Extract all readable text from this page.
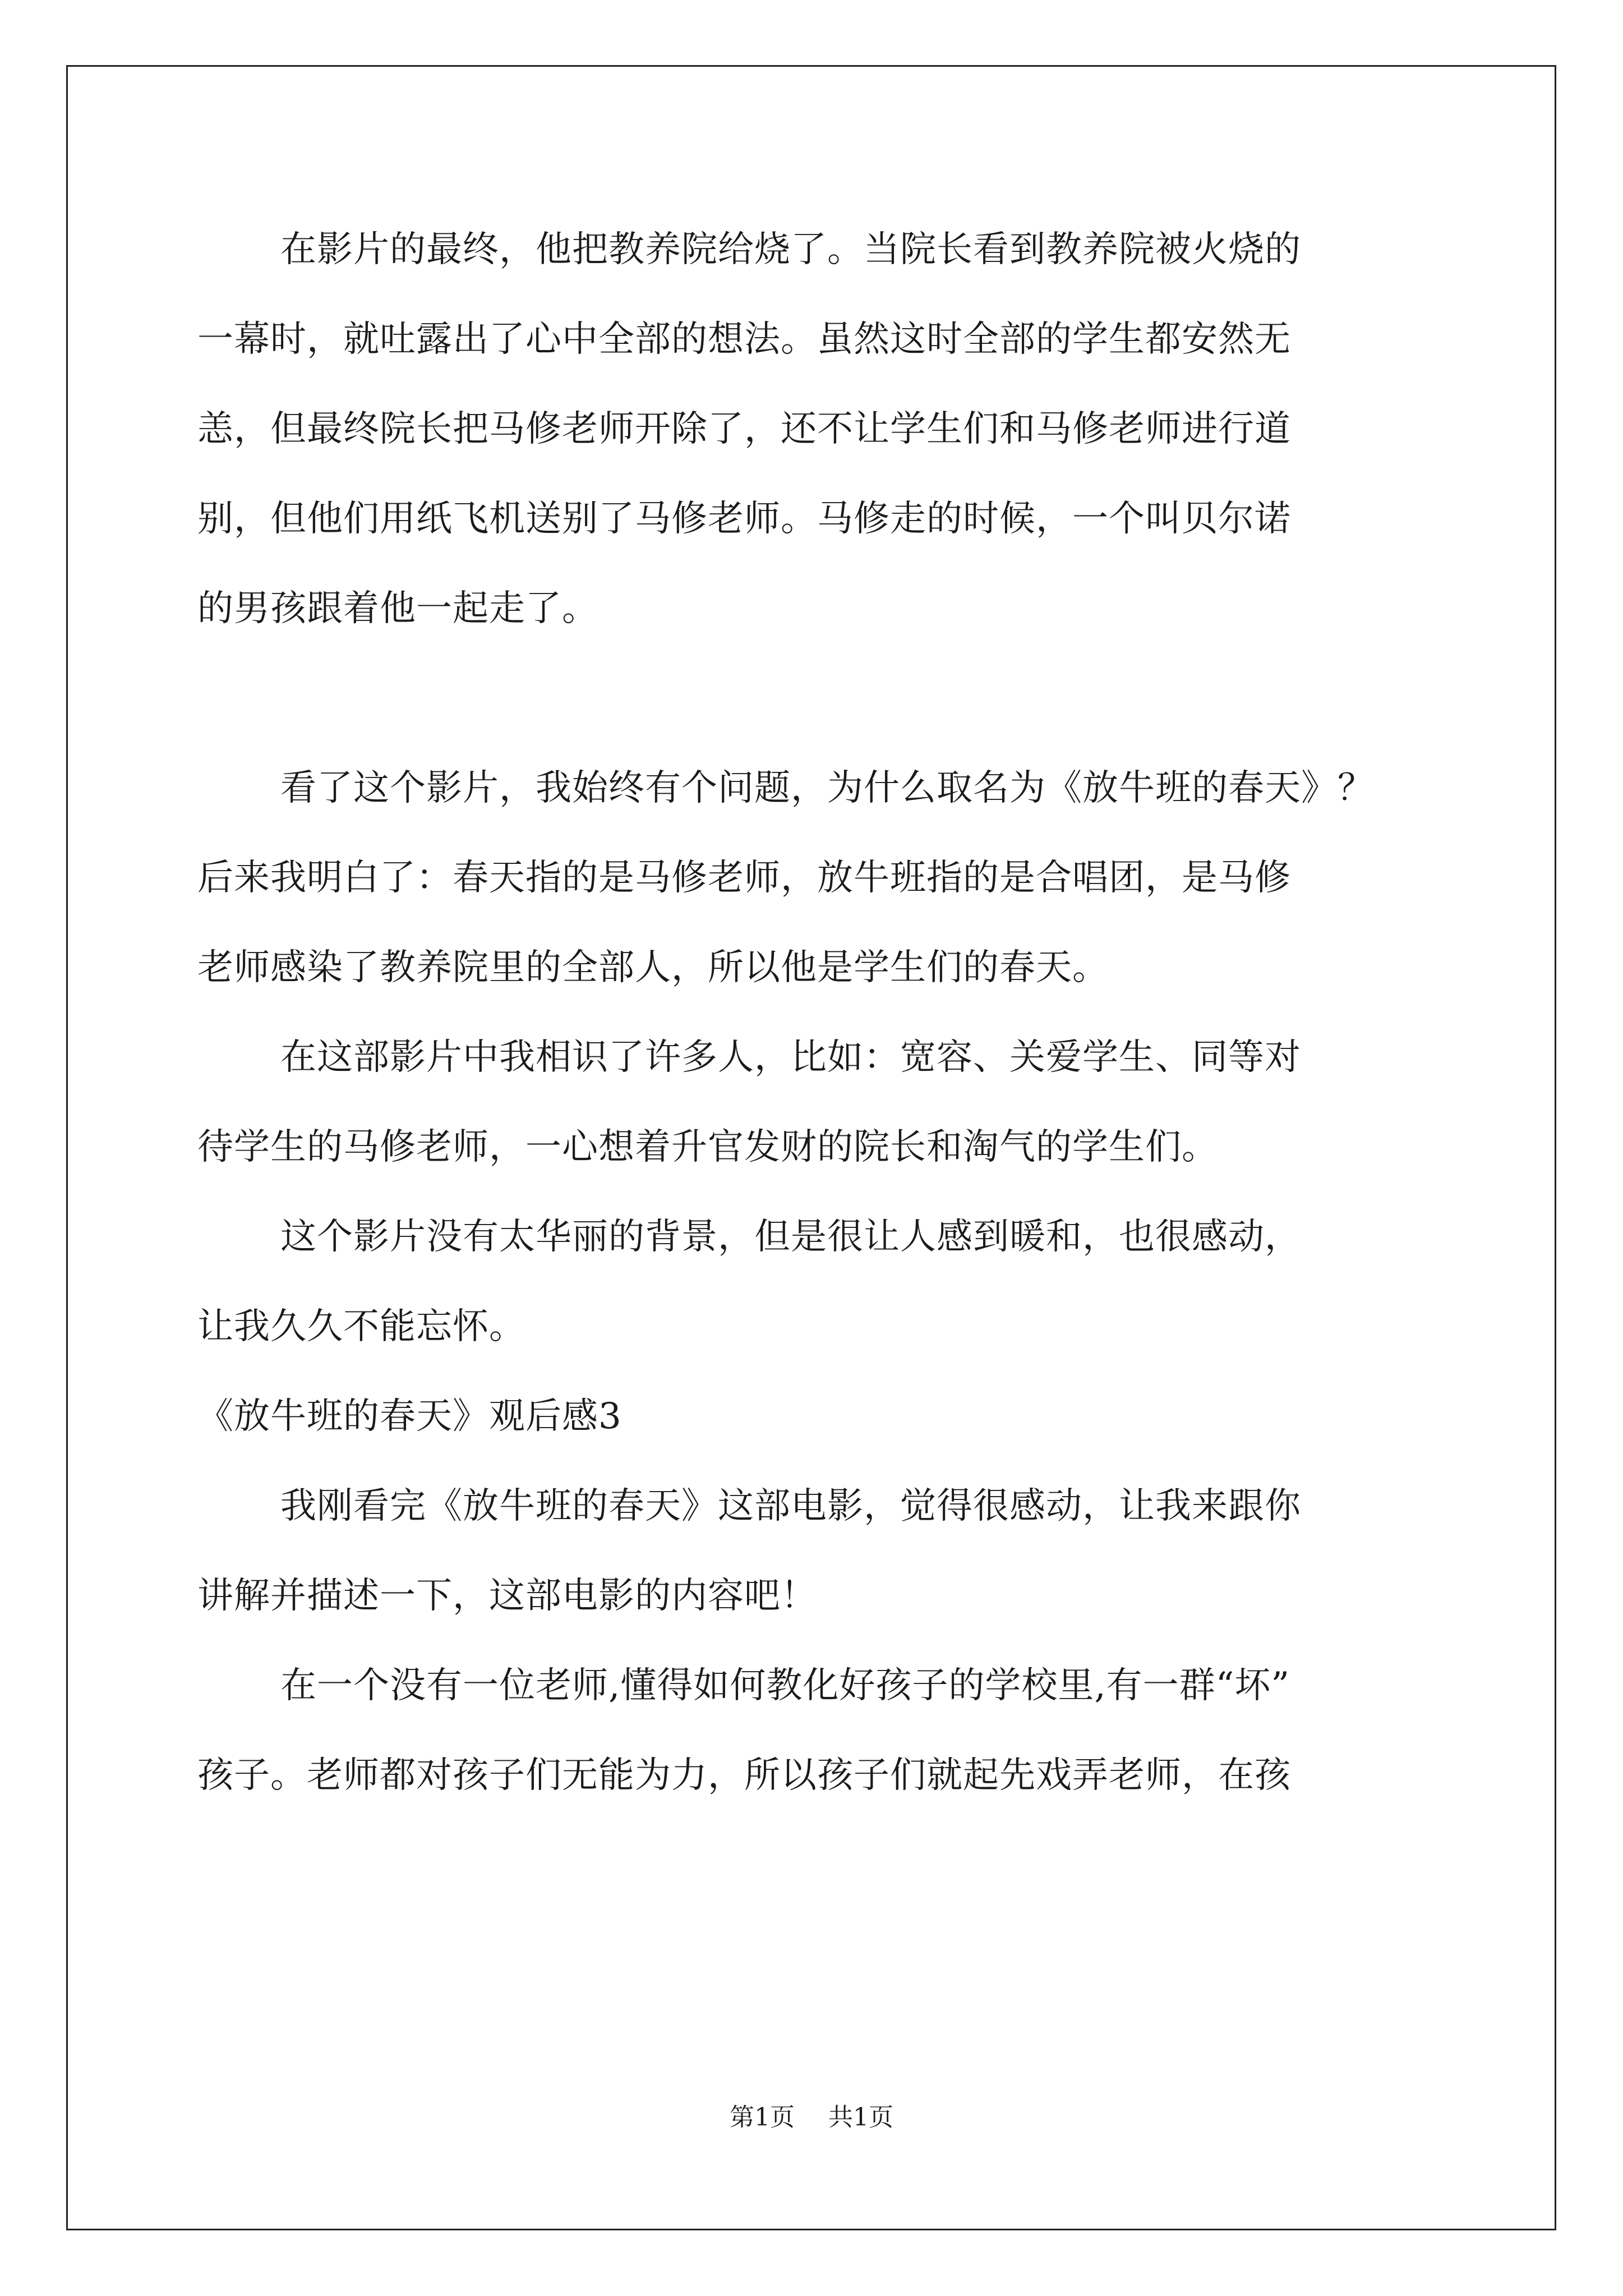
在影片的最终，他把教养院给烧了。当院长看到教养院被火烧的
一幕时，就吐露出了心中全部的想法。虽然这时全部的学生都安然无
恙，但最终院长把马修老师开除了，还不让学生们和马修老师进行道
别，但他们用纸飞机送别了马修老师。马修走的时候，一个叫贝尔诺
的男孩跟着他一起走了。
看了这个影片，我始终有个问题，为什么取名为《放牛班的春天》？
后来我明白了：春天指的是马修老师，放牛班指的是合唱团，是马修
老师感染了教养院里的全部人，所以他是学生们的春天。
在这部影片中我相识了许多人，比如：宽容、关爱学生、同等对
待学生的马修老师，一心想着升官发财的院长和淘气的学生们。
这个影片没有太华丽的背景，但是很让人感到暖和，也很感动，
让我久久不能忘怀。
《放牛班的春天》观后感3
我刚看完《放牛班的春天》这部电影，觉得很感动，让我来跟你
讲解并描述一下，这部电影的内容吧！
在一个没有一位老师,懂得如何教化好孩子的学校里,有一群“坏”
孩子。老师都对孩子们无能为力，所以孩子们就起先戏弄老师，在孩
第1页 共1页
